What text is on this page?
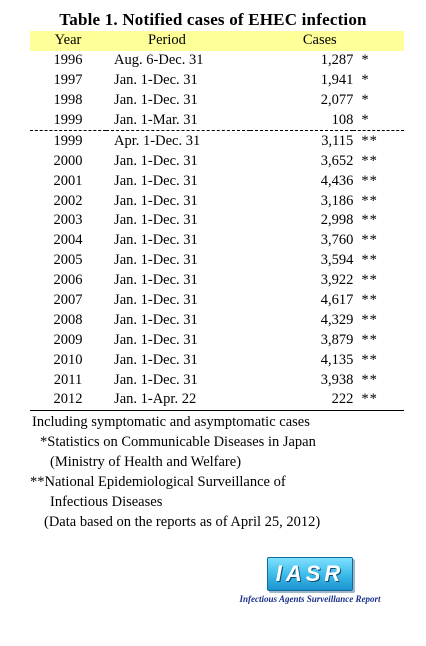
Table 1. Notified cases of EHEC infection
Year	Period	Cases	
1996	Aug. 6-Dec. 31	1,287	*
1997	Jan. 1-Dec. 31	1,941	*
1998	Jan. 1-Dec. 31	2,077	*
1999	Jan. 1-Mar. 31	108	*
1999	Apr. 1-Dec. 31	3,115	**
2000	Jan. 1-Dec. 31	3,652	**
2001	Jan. 1-Dec. 31	4,436	**
2002	Jan. 1-Dec. 31	3,186	**
2003	Jan. 1-Dec. 31	2,998	**
2004	Jan. 1-Dec. 31	3,760	**
2005	Jan. 1-Dec. 31	3,594	**
2006	Jan. 1-Dec. 31	3,922	**
2007	Jan. 1-Dec. 31	4,617	**
2008	Jan. 1-Dec. 31	4,329	**
2009	Jan. 1-Dec. 31	3,879	**
2010	Jan. 1-Dec. 31	4,135	**
2011	Jan. 1-Dec. 31	3,938	**
2012	Jan. 1-Apr. 22	222	**
Including symptomatic and asymptomatic cases
*Statistics on Communicable Diseases in Japan
(Ministry of Health and Welfare)
**National Epidemiological Surveillance of
Infectious Diseases
(Data based on the reports as of April 25, 2012)
IASR
Infectious Agents Surveillance Report
